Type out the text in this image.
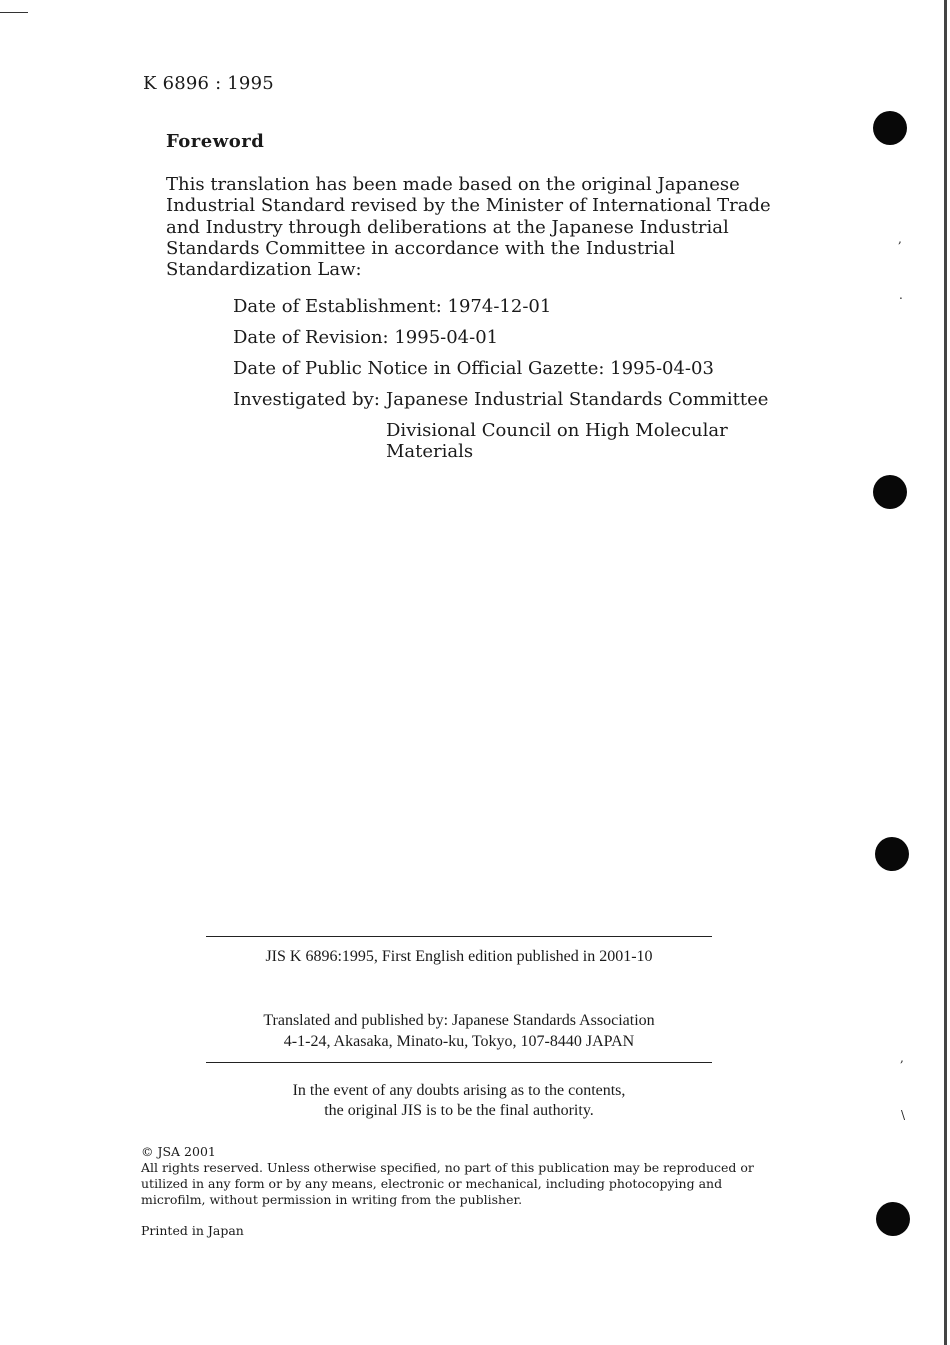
K 6896 : 1995
Foreword

This translation has been made based on the original Japanese Industrial Standard revised by the Minister of International Trade and Industry through deliberations at the Japanese Industrial Standards Committee in accordance with the Industrial Standardization Law:

Date of Establishment: 1974-12-01
Date of Revision: 1995-04-01
Date of Public Notice in Official Gazette: 1995-04-03
Investigated by: Japanese Industrial Standards Committee
Divisional Council on High Molecular Materials
JIS K 6896:1995, First English edition published in 2001-10
Translated and published by: Japanese Standards Association
4-1-24, Akasaka, Minato-ku, Tokyo, 107-8440 JAPAN
In the event of any doubts arising as to the contents,
the original JIS is to be the final authority.

© JSA 2001

All rights reserved. Unless otherwise specified, no part of this publication may be reproduced or utilized in any form or by any means, electronic or mechanical, including photocopying and microfilm, without permission in writing from the publisher.

Printed in Japan
,
.
,
\
